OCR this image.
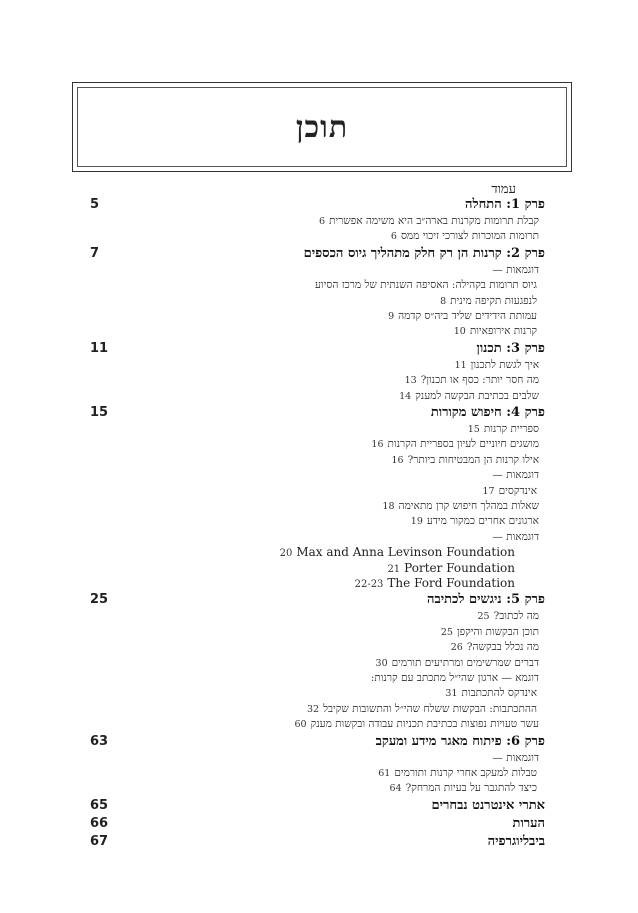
תוכן
עמוד
5	פרק 1: התחלה
קבלת תרומות מקרנות בארה״ב היא משימה אפשרית6
תרומות המוכרות לצורכי זיכוי ממס6
7	פרק 2: קרנות הן רק חלק מתהליך גיוס הכספים
דוגמאות —
גיוס תרומות בקהילה: האסיפה השנתית של מרכז הסיוע
לנפגעות תקיפה מינית8
עמותת הידידים שליד ביה״ס קדמה9
קרנות אירופאיות10
11	פרק 3: תכנון
איך לגשת לתכנון11
מה חסר יותר: כסף או תכנון?13
שלבים בכתיבת הבקשה למענק14
15	פרק 4: חיפוש מקורות
ספריית קרנות15
מושגים חיוניים לעיון בספריית הקרנות16
אילו קרנות הן המבטיחות ביותר?16
דוגמאות —
אינדקסים17
שאלות במהלך חיפוש קרן מתאימה18
ארגונים אחרים כמקור מידע19
דוגמאות —
20 Max and Anna Levinson Foundation
21 Porter Foundation
22-23 The Ford Foundation
25	פרק 5: ניגשים לכתיבה
מה לכתוב?25
תוכן הבקשות והיקפן25
מה נכלל בבקשה?26
דברים שמרשימים ומרתיעים תורמים30
דוגמא — ארגון שהי״ל מתכתב עם קרנות:
אינדקס להתכתבות31
ההתכתבות: הבקשות ששלח שהי״ל והתשובות שקיבל32
עשר טעויות נפוצות בכתיבת תכניות עבודה ובקשות מענק60
63	פרק 6: פיתוח מאגר מידע ומעקב
דוגמאות —
טבלות למעקב אחרי קרנות ותורמים61
כיצד להתגבר על בעיות המרחק?64
65	אתרי אינטרנט נבחרים
66	הערות
67	ביבליוגרפיה
